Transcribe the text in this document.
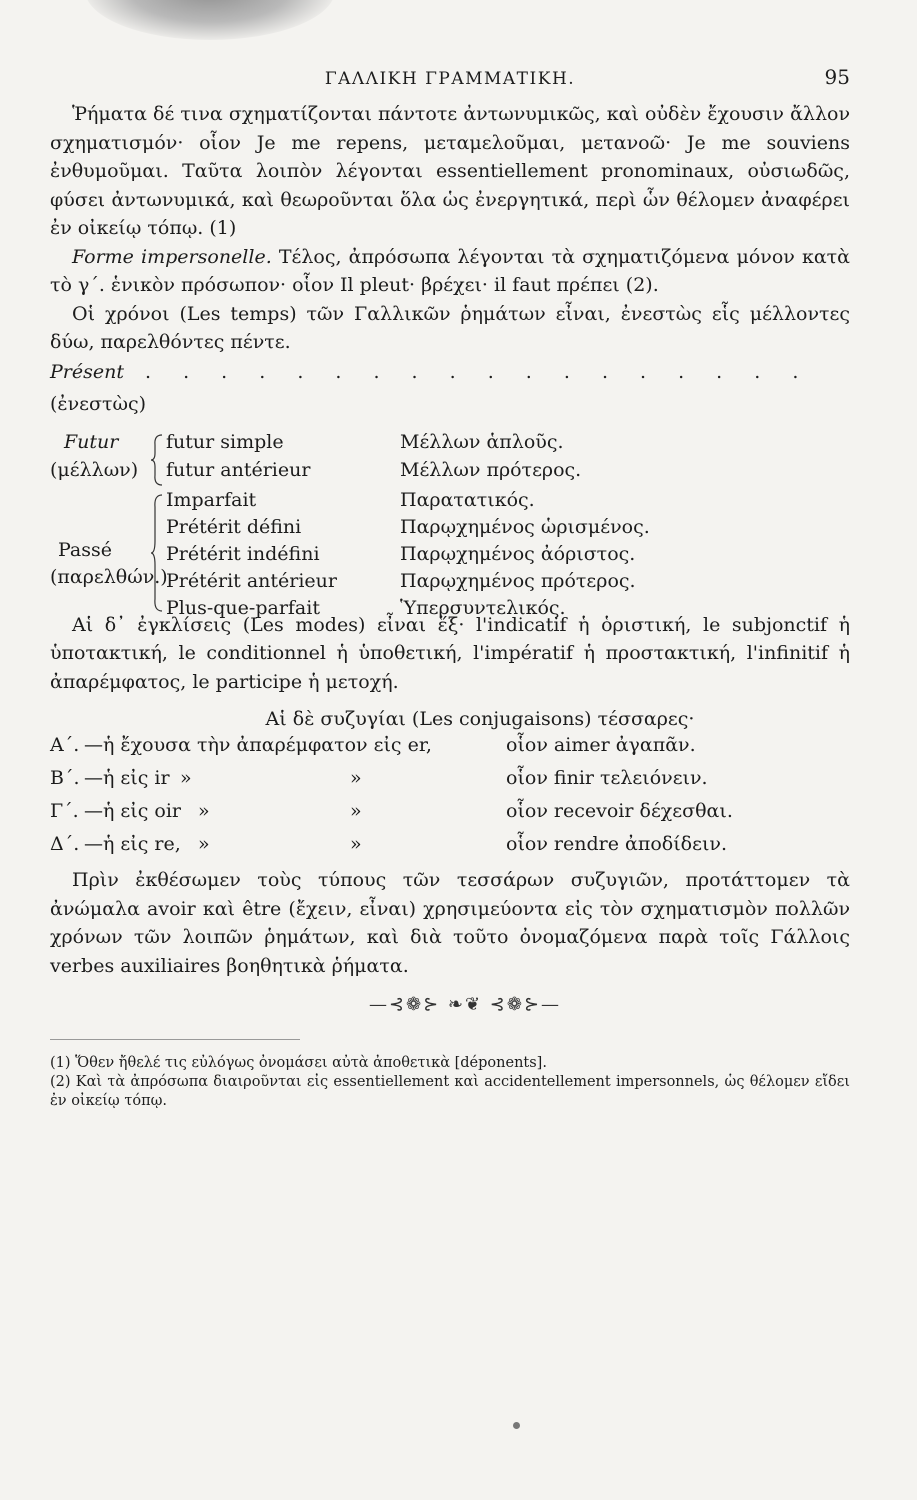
ΓΑΛΛΙΚΗ ΓΡΑΜΜΑΤΙΚΗ.	95

Ῥήματα δέ τινα σχηματίζονται πάντοτε ἀντωνυμικῶς, καὶ οὐδὲν ἔχουσιν ἄλλον σχηματισμόν· οἷον Je me repens, μεταμελοῦμαι, μετανοῶ· Je me souviens ἐνθυμοῦμαι. Ταῦτα λοιπὸν λέγονται essentiellement pronominaux, οὐσιωδῶς, φύσει ἀντωνυμικά, καὶ θεωροῦνται ὅλα ὡς ἐνεργητικά, περὶ ὧν θέλομεν ἀναφέρει ἐν οἰκείῳ τόπῳ. (1)

Forme impersonelle. Τέλος, ἀπρόσωπα λέγονται τὰ σχηματιζόμενα μόνον κατὰ τὸ γ΄. ἑνικὸν πρόσωπον· οἷον Il pleut· βρέχει· il faut πρέπει (2).

Οἱ χρόνοι (Les temps) τῶν Γαλλικῶν ῥημάτων εἶναι, ἐνεστὼς εἷς μέλλοντες δύω, παρελθόντες πέντε.

Présent . . . . . . . . . . . . . . . . . .
(ἐνεστὼς)
Futur
(μέλλων)
futur simple	Μέλλων ἁπλοῦς.
futur antérieur	Μέλλων πρότερος.
Passé
(παρελθών.)
Imparfait	Παρατατικός.
Prétérit défini	Παρῳχημένος ὡρισμένος.
Prétérit indéfini	Παρῳχημένος ἀόριστος.
Prétérit antérieur	Παρῳχημένος πρότερος.
Plus-que-parfait	Ὑπερσυντελικός.

Αἱ δ᾽ ἐγκλίσεις (Les modes) εἶναι ἕξ· l'indicatif ἡ ὁριστική, le subjonctif ἡ ὑποτακτική, le conditionnel ἡ ὑποθετική, l'impératif ἡ προστακτική, l'infinitif ἡ ἀπαρέμφατος, le participe ἡ μετοχή.

Αἱ δὲ συζυγίαι (Les conjugaisons) τέσσαρες·
Α΄. —ἡ ἔχουσα τὴν ἀπαρέμφατον εἰς er,	οἷον aimer ἀγαπᾶν.
Β΄. —ἡ εἰς ir »	»	οἷον finir τελειόνειν.
Γ΄. —ἡ εἰς oir »	»	οἷον recevoir δέχεσθαι.
Δ΄. —ἡ εἰς re, »	»	οἷον rendre ἀποδίδειν.

Πρὶν ἐκθέσωμεν τοὺς τύπους τῶν τεσσάρων συζυγιῶν, προτάττομεν τὰ ἀνώμαλα avoir καὶ être (ἔχειν, εἶναι) χρησιμεύοντα εἰς τὸν σχηματισμὸν πολλῶν χρόνων τῶν λοιπῶν ῥημάτων, καὶ διὰ τοῦτο ὀνομαζόμενα παρὰ τοῖς Γάλλοις verbes auxiliaires βοηθητικὰ ῥήματα.

—⊰❁⊱ ❧❦ ⊰❁⊱—

(1) Ὅθεν ἤθελέ τις εὐλόγως ὀνομάσει αὐτὰ ἀποθετικὰ [déponents].

(2) Καὶ τὰ ἀπρόσωπα διαιροῦνται εἰς essentiellement καὶ accidentellement impersonnels, ὡς θέλομεν εἴδει ἐν οἰκείῳ τόπῳ.
